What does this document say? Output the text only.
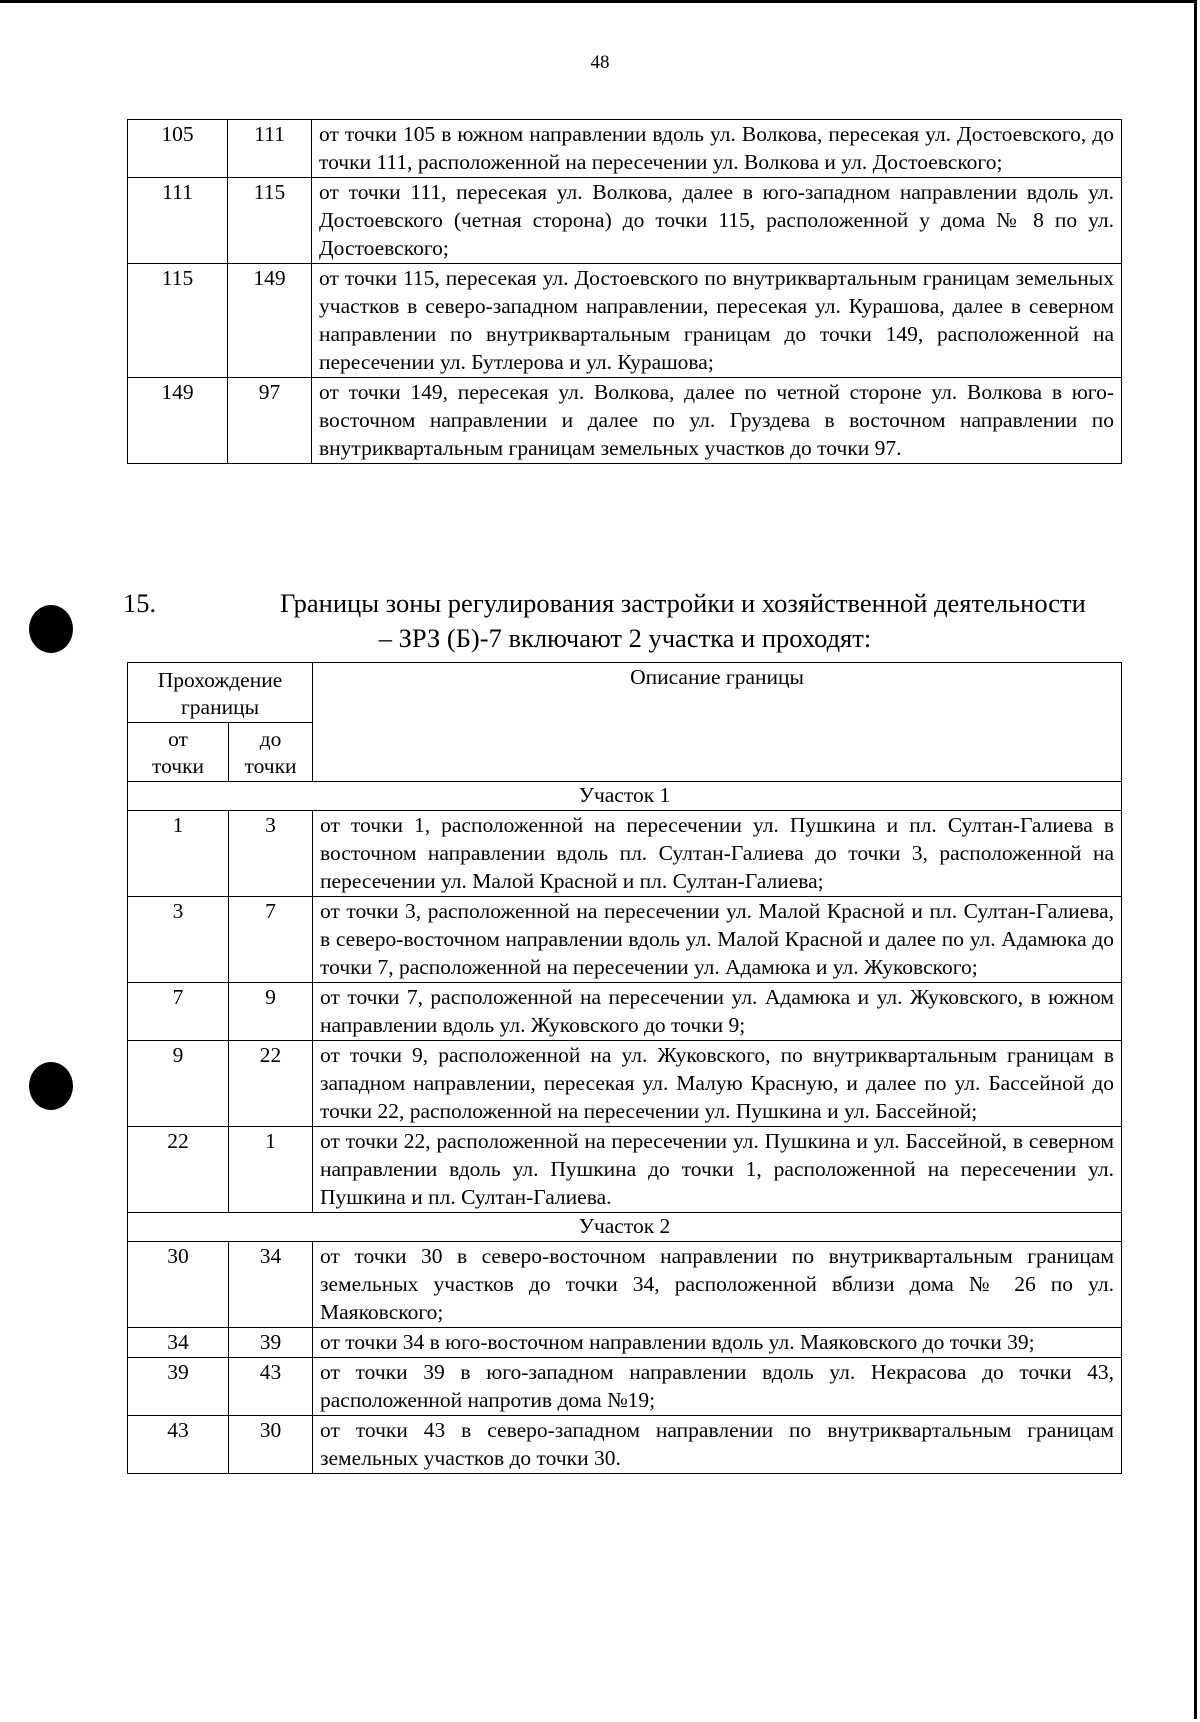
48
105	111	от точки 105 в южном направлении вдоль ул. Волкова, пересекая ул. Достоевского, до точки 111, расположенной на пересечении ул. Волкова и ул. Достоевского;
111	115	от точки 111, пересекая ул. Волкова, далее в юго-западном направлении вдоль ул. Достоевского (четная сторона) до точки 115, расположенной у дома № 8 по ул. Достоевского;
115	149	от точки 115, пересекая ул. Достоевского по внутриквартальным границам земельных участков в северо-западном направлении, пересекая ул. Курашова, далее в северном направлении по внутриквартальным границам до точки 149, расположенной на пересечении ул. Бутлерова и ул. Курашова;
149	97	от точки 149, пересекая ул. Волкова, далее по четной стороне ул. Волкова в юго-восточном направлении и далее по ул. Груздева в восточном направлении по внутриквартальным границам земельных участков до точки 97.
15.	Границы зоны регулирования застройки и хозяйственной деятельности
– ЗРЗ (Б)-7 включают 2 участка и проходят:
Прохождение границы		Описание границы
от точки	до точки	
Участок 1		
1	3	от точки 1, расположенной на пересечении ул. Пушкина и пл. Султан-Галиева в восточном направлении вдоль пл. Султан-Галиева до точки 3, расположенной на пересечении ул. Малой Красной и пл. Султан-Галиева;
3	7	от точки 3, расположенной на пересечении ул. Малой Красной и пл. Султан-Галиева, в северо-восточном направлении вдоль ул. Малой Красной и далее по ул. Адамюка до точки 7, расположенной на пересечении ул. Адамюка и ул. Жуковского;
7	9	от точки 7, расположенной на пересечении ул. Адамюка и ул. Жуковского, в южном направлении вдоль ул. Жуковского до точки 9;
9	22	от точки 9, расположенной на ул. Жуковского, по внутриквартальным границам в западном направлении, пересекая ул. Малую Красную, и далее по ул. Бассейной до точки 22, расположенной на пересечении ул. Пушкина и ул. Бассейной;
22	1	от точки 22, расположенной на пересечении ул. Пушкина и ул. Бассейной, в северном направлении вдоль ул. Пушкина до точки 1, расположенной на пересечении ул. Пушкина и пл. Султан-Галиева.
Участок 2		
30	34	от точки 30 в северо-восточном направлении по внутриквартальным границам земельных участков до точки 34, расположенной вблизи дома № 26 по ул. Маяковского;
34	39	от точки 34 в юго-восточном направлении вдоль ул. Маяковского до точки 39;
39	43	от точки 39 в юго-западном направлении вдоль ул. Некрасова до точки 43, расположенной напротив дома №19;
43	30	от точки 43 в северо-западном направлении по внутриквартальным границам земельных участков до точки 30.
